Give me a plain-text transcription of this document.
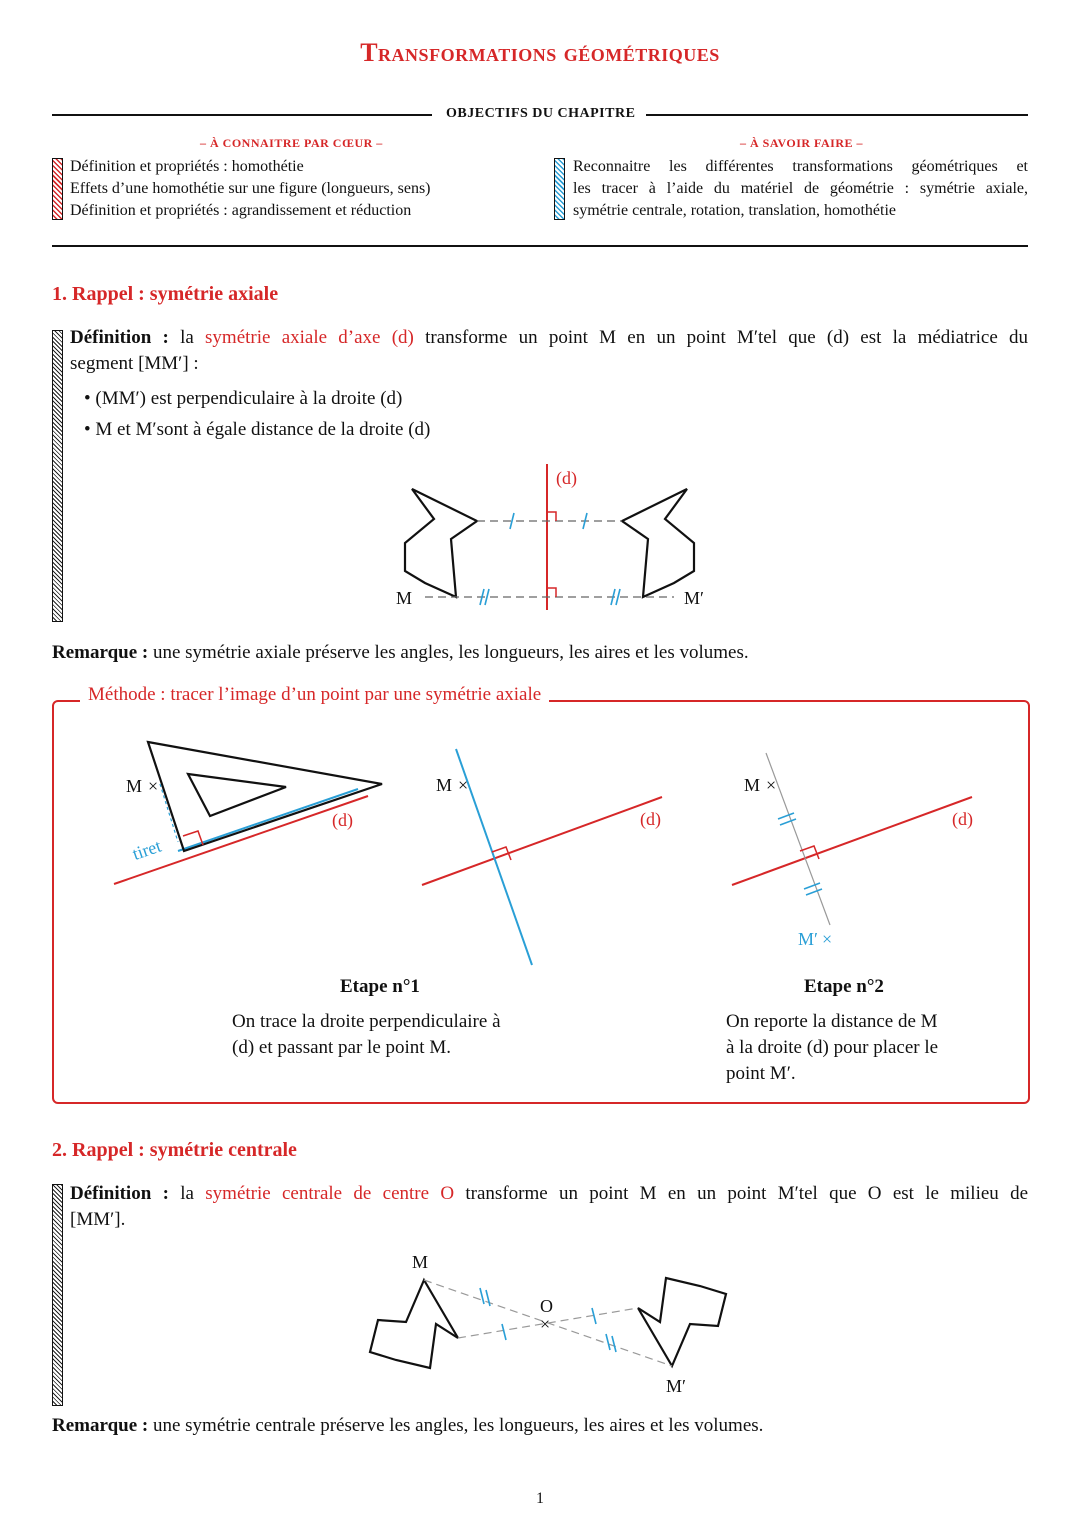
Transformations géométriques
OBJECTIFS DU CHAPITRE
– À CONNAITRE PAR CŒUR –
Définition et propriétés : homothétie
Effets d’une homothétie sur une figure (longueurs, sens)
Définition et propriétés : agrandissement et réduction
– À SAVOIR FAIRE –
Reconnaitre les différentes transformations géométriques et
les tracer à l’aide du matériel de géométrie : symétrie axiale,
symétrie centrale, rotation, translation, homothétie
1. Rappel : symétrie axiale
Définition : la symétrie axiale d’axe (d) transforme un point M en un point M′tel que (d) est la médiatrice du
segment [MM′] :
• (MM′) est perpendiculaire à la droite (d)
• M et M′sont à égale distance de la droite (d)
(d)
M	M′
Remarque : une symétrie axiale préserve les angles, les longueurs, les aires et les volumes.
Méthode : tracer l’image d’un point par une symétrie axiale
M ×
tiret
(d)
M ×
(d)
M ×
M′ ×
(d)
Etape n°1
On trace la droite perpendiculaire à
(d) et passant par le point M.
Etape n°2
On reporte la distance de M
à la droite (d) pour placer le
point M′.
2. Rappel : symétrie centrale
Définition : la symétrie centrale de centre O transforme un point M en un point M′tel que O est le milieu de
[MM′].
O
×
M
M′
Remarque : une symétrie centrale préserve les angles, les longueurs, les aires et les volumes.
1
